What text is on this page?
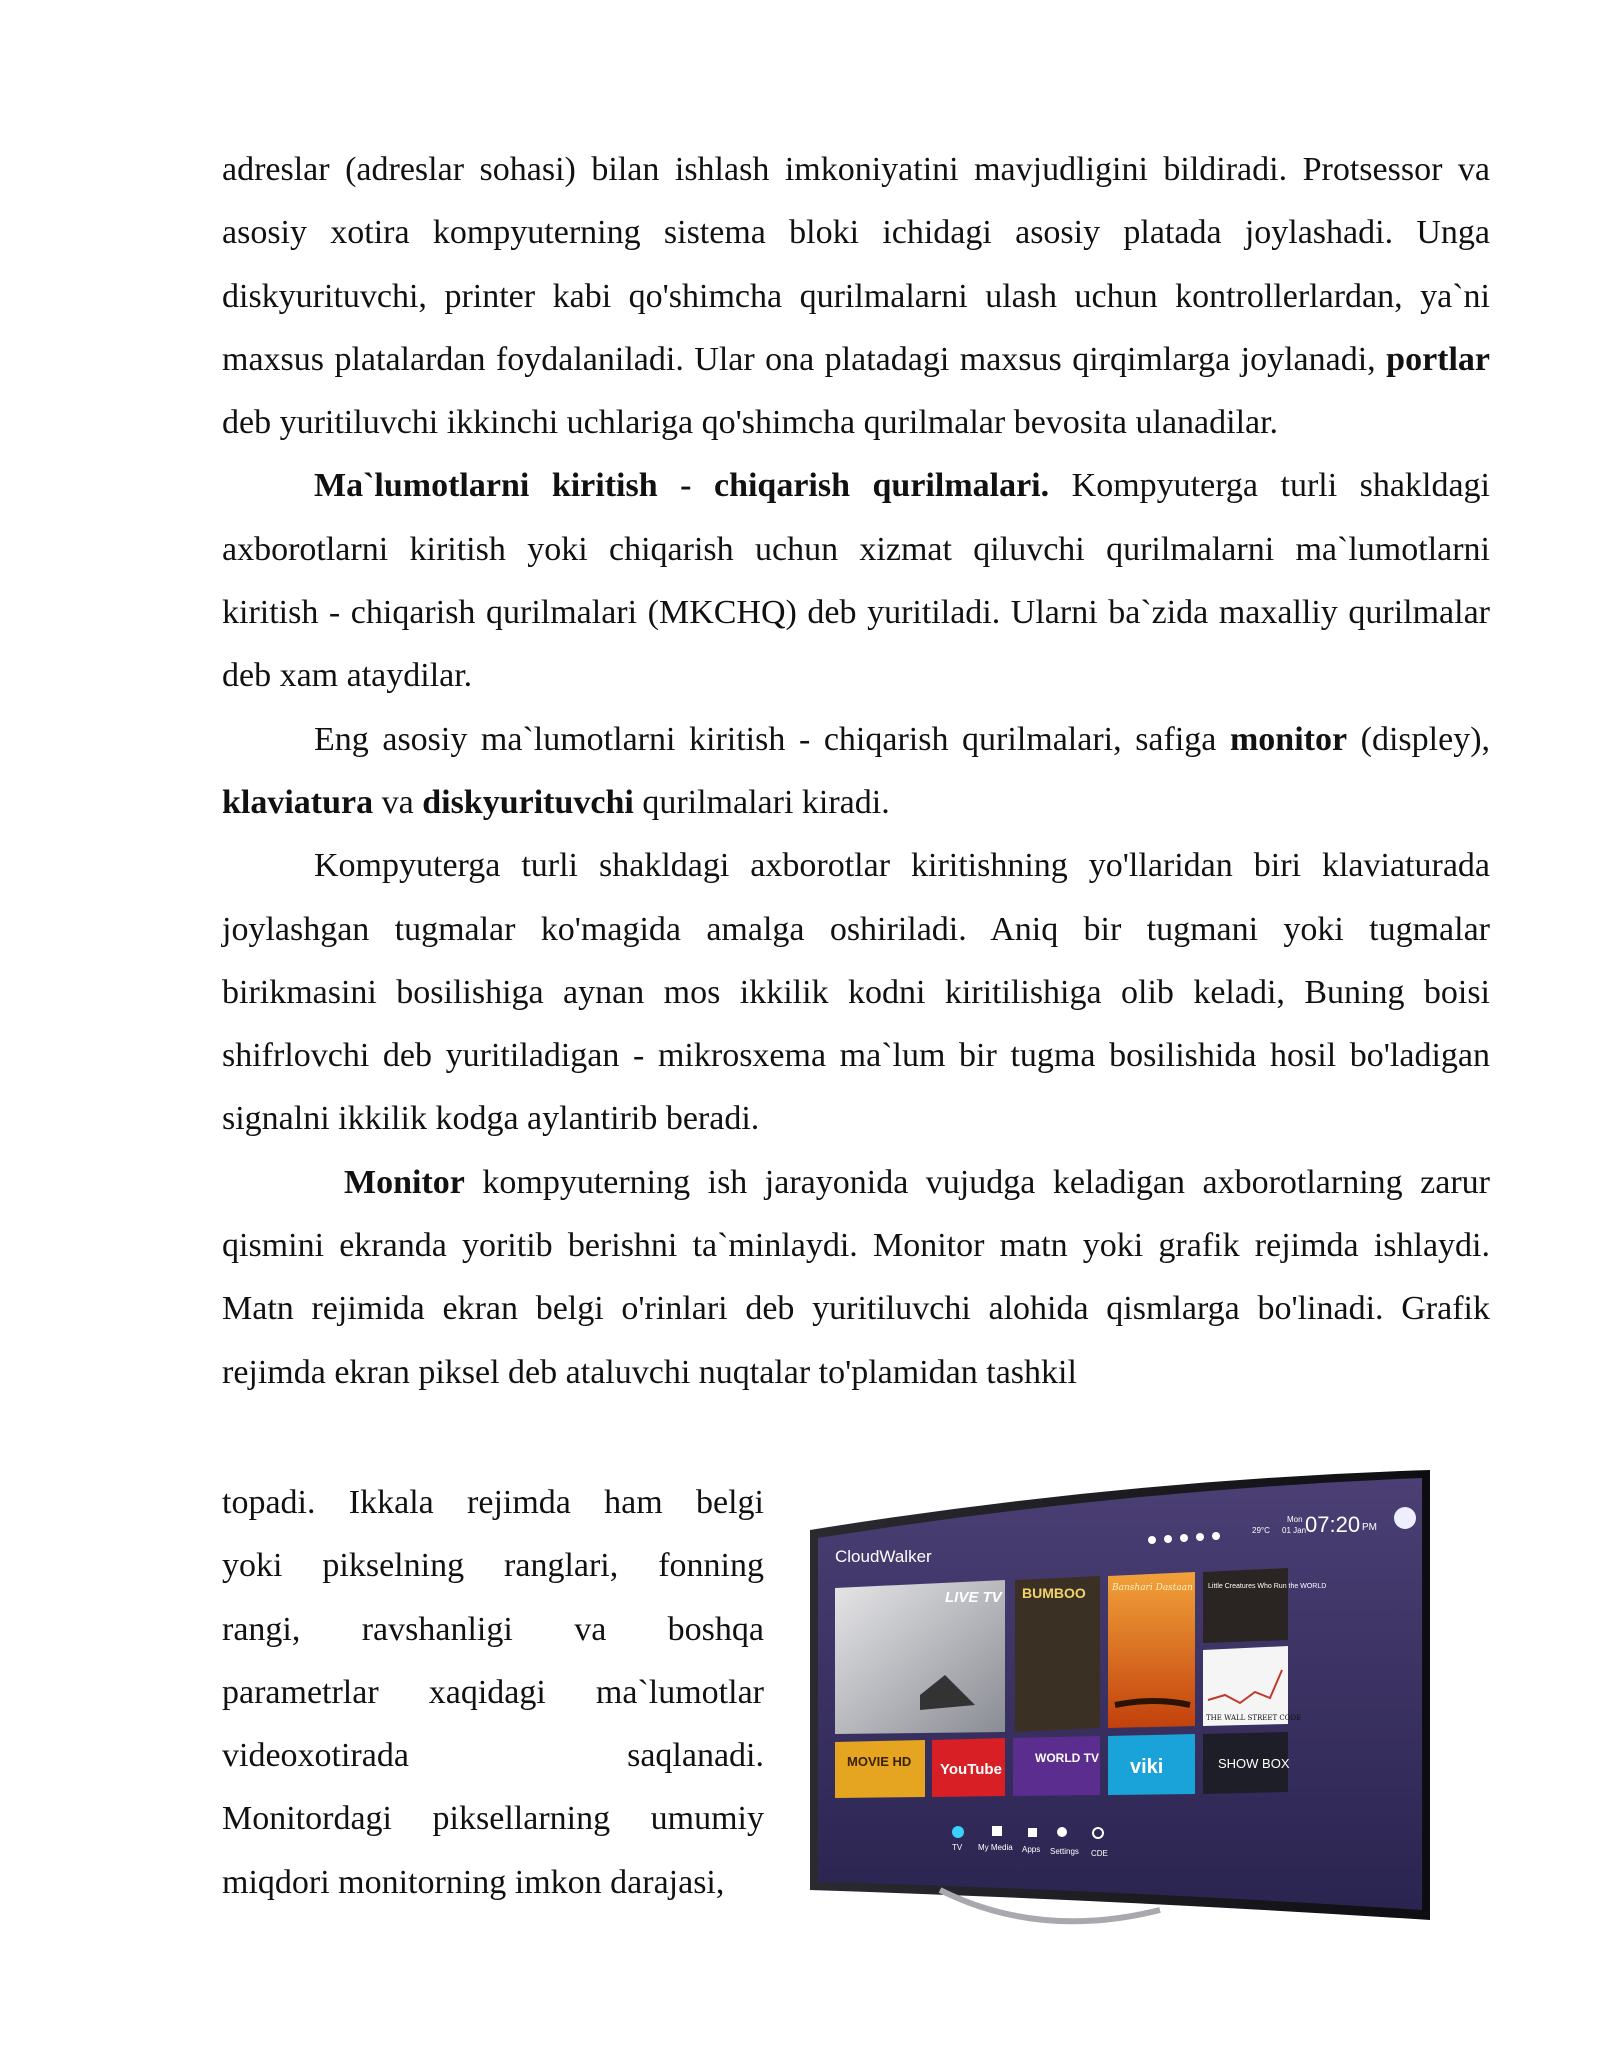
adreslar (adreslar sohasi) bilan ishlash imkoniyatini mavjudligini bildiradi. Protsessor va asosiy xotira kompyuterning sistema bloki ichidagi asosiy platada joylashadi. Unga diskyurituvchi, printer kabi qo'shimcha qurilmalarni ulash uchun kontrollerlardan, ya`ni maxsus platalardan foydalaniladi. Ular ona platadagi maxsus qirqimlarga joylanadi, portlar deb yuritiluvchi ikkinchi uchlariga qo'shimcha qurilmalar bevosita ulanadilar.

Ma`lumotlarni kiritish - chiqarish qurilmalari. Kompyuterga turli shakldagi axborotlarni kiritish yoki chiqarish uchun xizmat qiluvchi qurilmalarni ma`lumotlarni kiritish - chiqarish qurilmalari (MKCHQ) deb yuritiladi. Ularni ba`zida maxalliy qurilmalar deb xam ataydilar.

Eng asosiy ma`lumotlarni kiritish - chiqarish qurilmalari, safiga monitor (displey), klaviatura va diskyurituvchi qurilmalari kiradi.

Kompyuterga turli shakldagi axborotlar kiritishning yo'llaridan biri klaviaturada joylashgan tugmalar ko'magida amalga oshiriladi. Aniq bir tugmani yoki tugmalar birikmasini bosilishiga aynan mos ikkilik kodni kiritilishiga olib keladi, Buning boisi shifrlovchi deb yuritiladigan - mikrosxema ma`lum bir tugma bosilishida hosil bo'ladigan signalni ikkilik kodga aylantirib beradi.

Monitor kompyuterning ish jarayonida vujudga keladigan axborotlarning zarur qismini ekranda yoritib berishni ta`minlaydi. Monitor matn yoki grafik rejimda ishlaydi. Matn rejimida ekran belgi o'rinlari deb yuritiluvchi alohida qismlarga bo'linadi. Grafik rejimda ekran piksel deb ataluvchi nuqtalar to'plamidan tashkil

topadi. Ikkala rejimda ham belgi
yoki pikselning ranglari, fonning
rangi, ravshanligi va boshqa
parametrlar xaqidagi ma`lumotlar
videoxotirada saqlanadi.
Monitordagi piksellarning umumiy
miqdori monitorning imkon darajasi,
CloudWalker
07:20 PM
Mon
01 Jan
29°C
LIVE TV BUMBOO	Banshari Dastaan Little Creatures Who Run the WORLD
THE WALL STREET CODE
MOVIE HD YouTube
WORLD TV viki	SHOW BOX
TV My Media Apps Settings CDE
